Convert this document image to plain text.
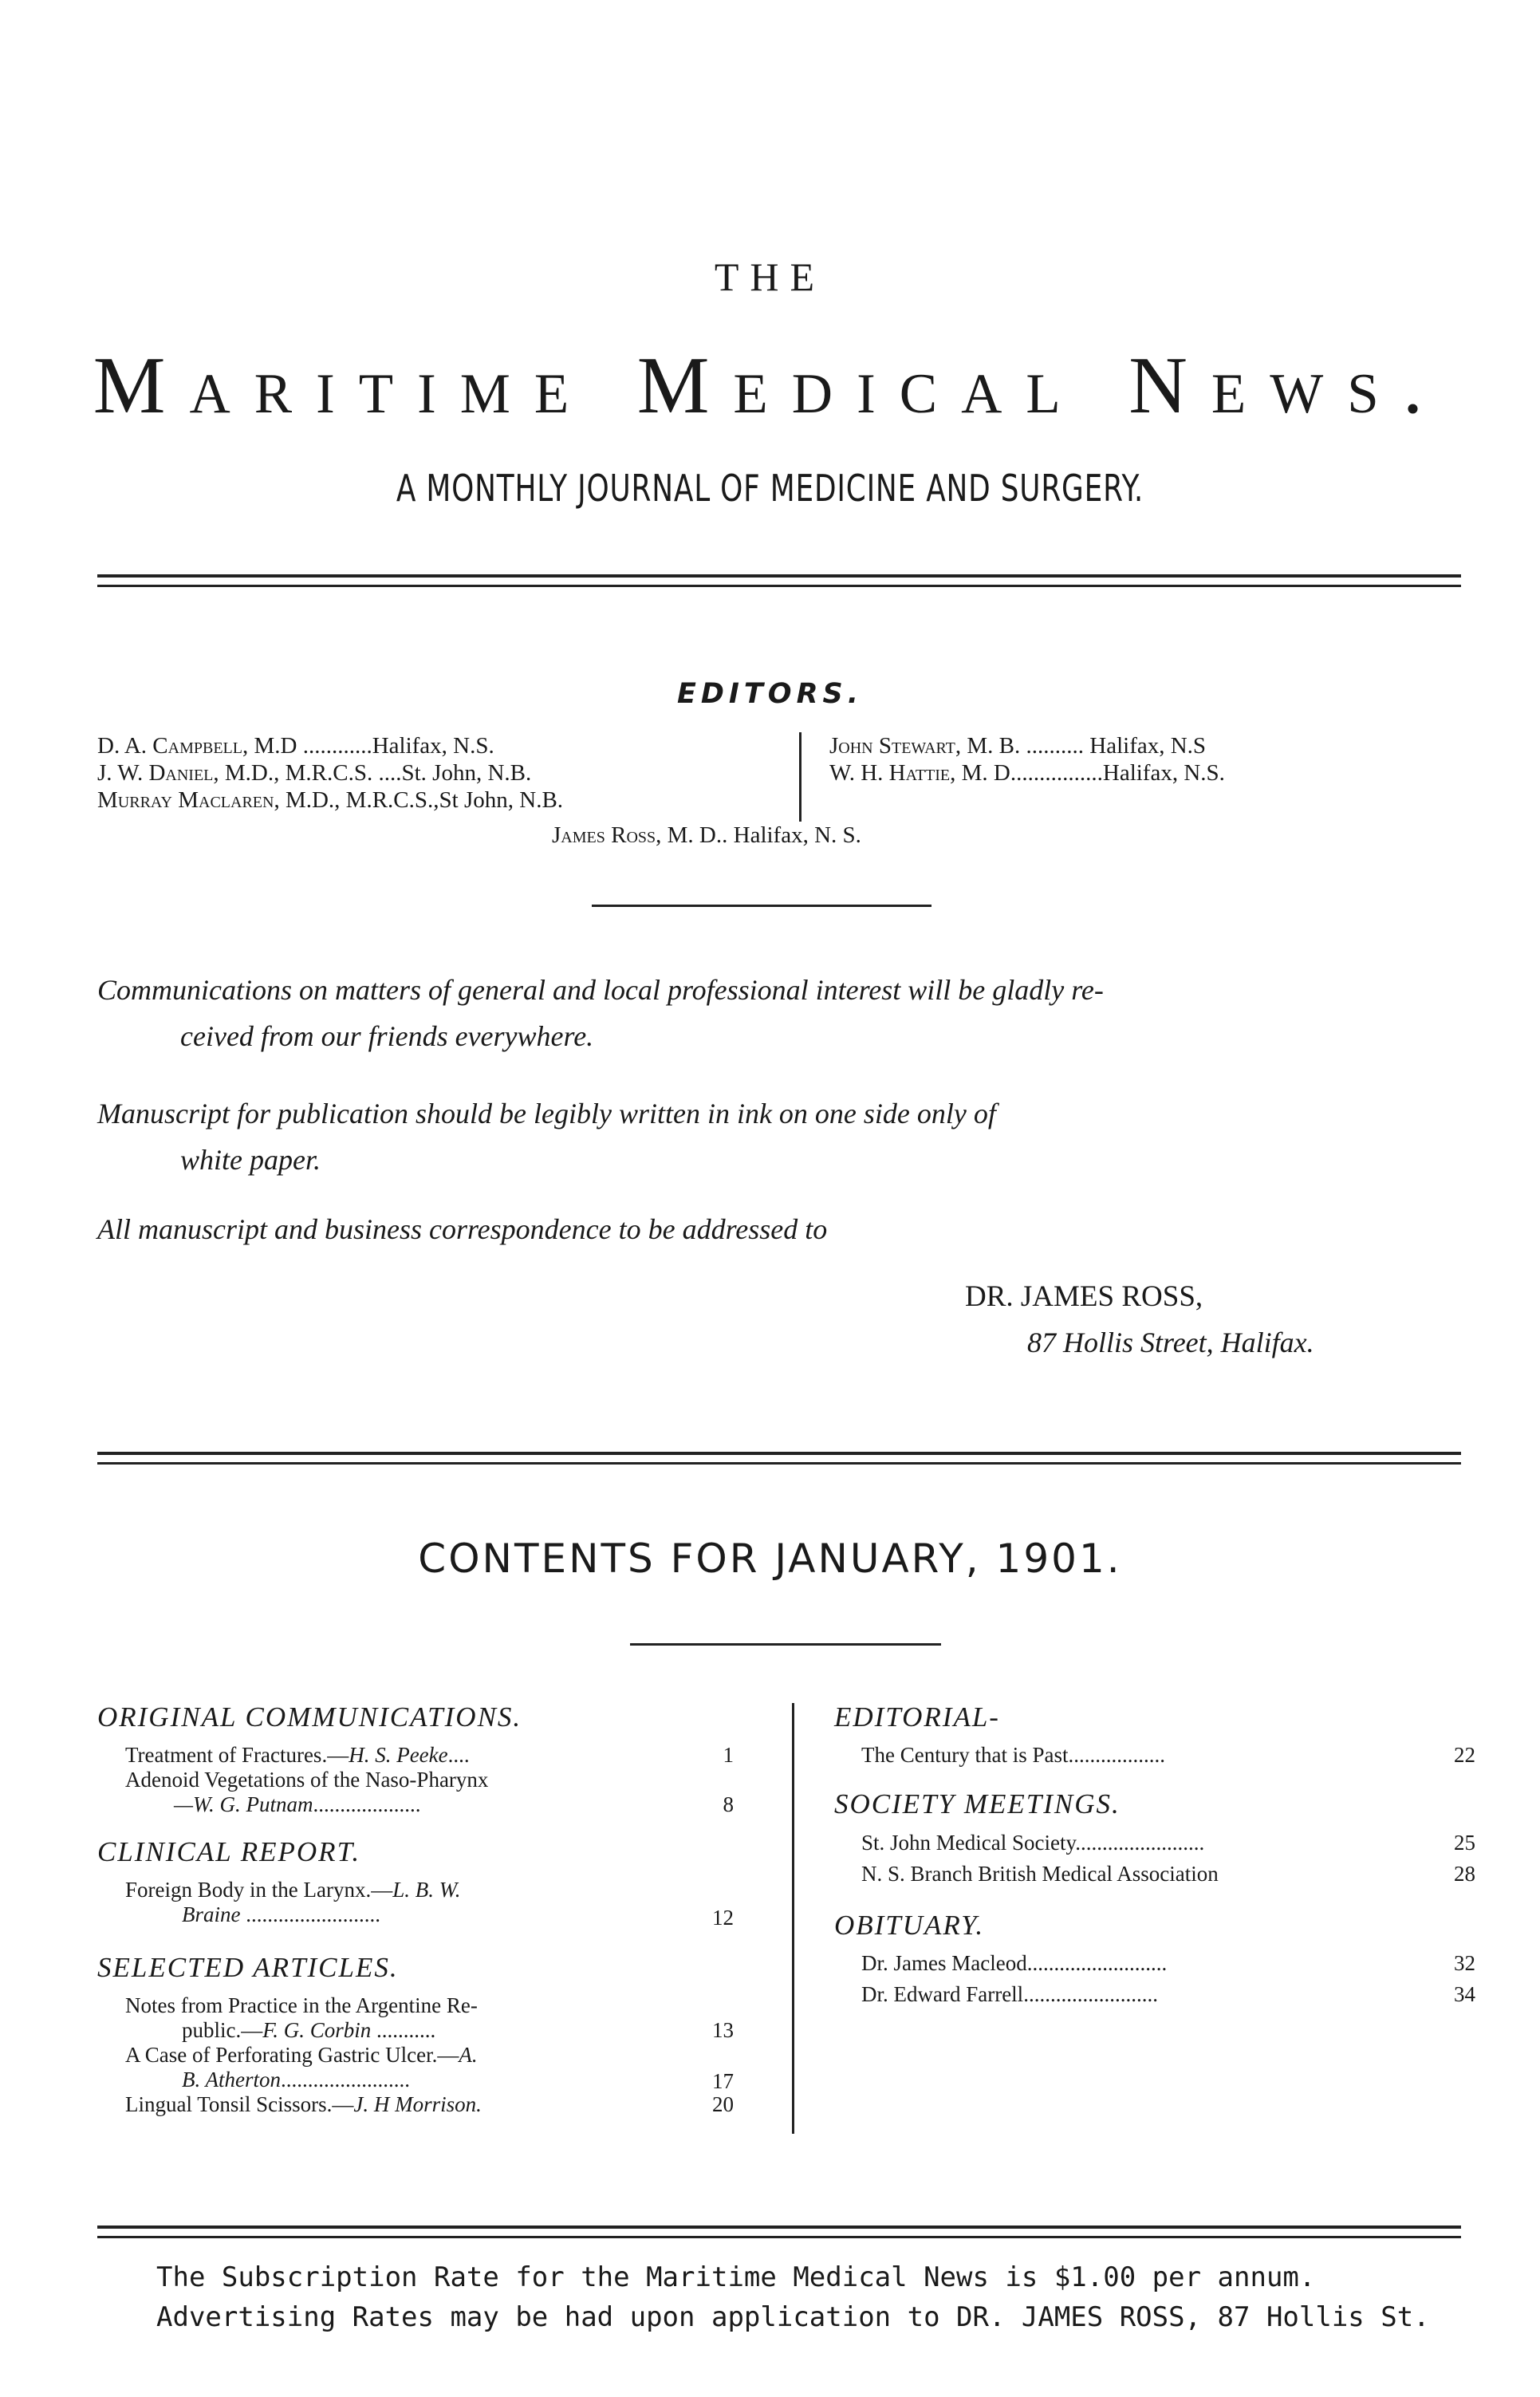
THE
Maritime Medical News.
A MONTHLY JOURNAL OF MEDICINE AND SURGERY.
EDITORS.
D. A. Campbell, M.D ............Halifax, N.S.
J. W. Daniel, M.D., M.R.C.S. ....St. John, N.B.
Murray Maclaren, M.D., M.R.C.S.,St John, N.B.
John Stewart, M. B. .......... Halifax, N.S
W. H. Hattie, M. D................Halifax, N.S.
James Ross, M. D.. Halifax, N. S.
Communications on matters of general and local professional interest will be gladly re-
ceived from our friends everywhere.
Manuscript for publication should be legibly written in ink on one side only of
white paper.
All manuscript and business correspondence to be addressed to
DR. JAMES ROSS,
87 Hollis Street, Halifax.
CONTENTS FOR JANUARY, 1901.
ORIGINAL COMMUNICATIONS.
Treatment of Fractures.—H. S. Peeke....	1
Adenoid Vegetations of the Naso-Pharynx
—W. G. Putnam....................	8
CLINICAL REPORT.
Foreign Body in the Larynx.—L. B. W.
Braine .........................	12
SELECTED ARTICLES.
Notes from Practice in the Argentine Re-
public.—F. G. Corbin ...........	13
A Case of Perforating Gastric Ulcer.—A.
B. Atherton........................	17
Lingual Tonsil Scissors.—J. H Morrison.	20
EDITORIAL-
The Century that is Past..................	22
SOCIETY MEETINGS.
St. John Medical Society........................	25
N. S. Branch British Medical Association	28
OBITUARY.
Dr. James Macleod..........................	32
Dr. Edward Farrell.........................	34
The Subscription Rate for the Maritime Medical News is $1.00 per annum.
Advertising Rates may be had upon application to DR. JAMES ROSS, 87 Hollis St.
